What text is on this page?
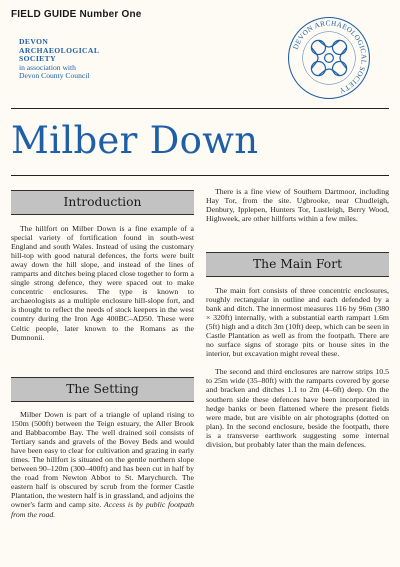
FIELD GUIDE Number One
DEVON
ARCHAEOLOGICAL
SOCIETY
in association with
Devon County Council
DEVON ARCHAEOLOGICAL SOCIETY
Milber Down
Introduction

The hillfort on Milber Down is a fine example of a special variety of fortification found in south-west England and south Wales. Instead of using the customary hill-top with good natural defences, the forts were built away down the hill slope, and instead of the lines of ramparts and ditches being placed close together to form a single strong defence, they were spaced out to make concentric enclosures. The type is known to archaeologists as a multiple enclosure hill-slope fort, and is thought to reflect the needs of stock keepers in the west country during the Iron Age 400BC–AD50. These were Celtic people, later known to the Romans as the Dumnonii.

The Setting

Milber Down is part of a triangle of upland rising to 150m (500ft) between the Teign estuary, the Aller Brook and Babbacombe Bay. The well drained soil consists of Tertiary sands and gravels of the Bovey Beds and would have been easy to clear for cultivation and grazing in early times. The hillfort is situated on the gentle northern slope between 90–120m (300–400ft) and has been cut in half by the road from Newton Abbot to St. Marychurch. The eastern half is obscured by scrub from the former Castle Plantation, the western half is in grassland, and adjoins the owner's farm and camp site. Access is by public footpath from the road.

There is a fine view of Southern Dartmoor, including Hay Tor, from the site. Ugbrooke, near Chudleigh, Denbury, Ipplepen, Hunters Tor, Lustleigh, Berry Wood, Highweek, are other hillforts within a few miles.

The Main Fort

The main fort consists of three concentric enclosures, roughly rectangular in outline and each defended by a bank and ditch. The innermost measures 116 by 96m (380 × 320ft) internally, with a substantial earth rampart 1.6m (5ft) high and a ditch 3m (10ft) deep, which can be seen in Castle Plantation as well as from the footpath. There are no surface signs of storage pits or house sites in the interior, but excavation might reveal these.

The second and third enclosures are narrow strips 10.5 to 25m wide (35–80ft) with the ramparts covered by gorse and bracken and ditches 1.1 to 2m (4–6ft) deep. On the southern side these defences have been incorporated in hedge banks or been flattened where the present fields were made, but are visible on air photographs (dotted on plan). In the second enclosure, beside the footpath, there is a transverse earthwork suggesting some internal division, but probably later than the main defences.
